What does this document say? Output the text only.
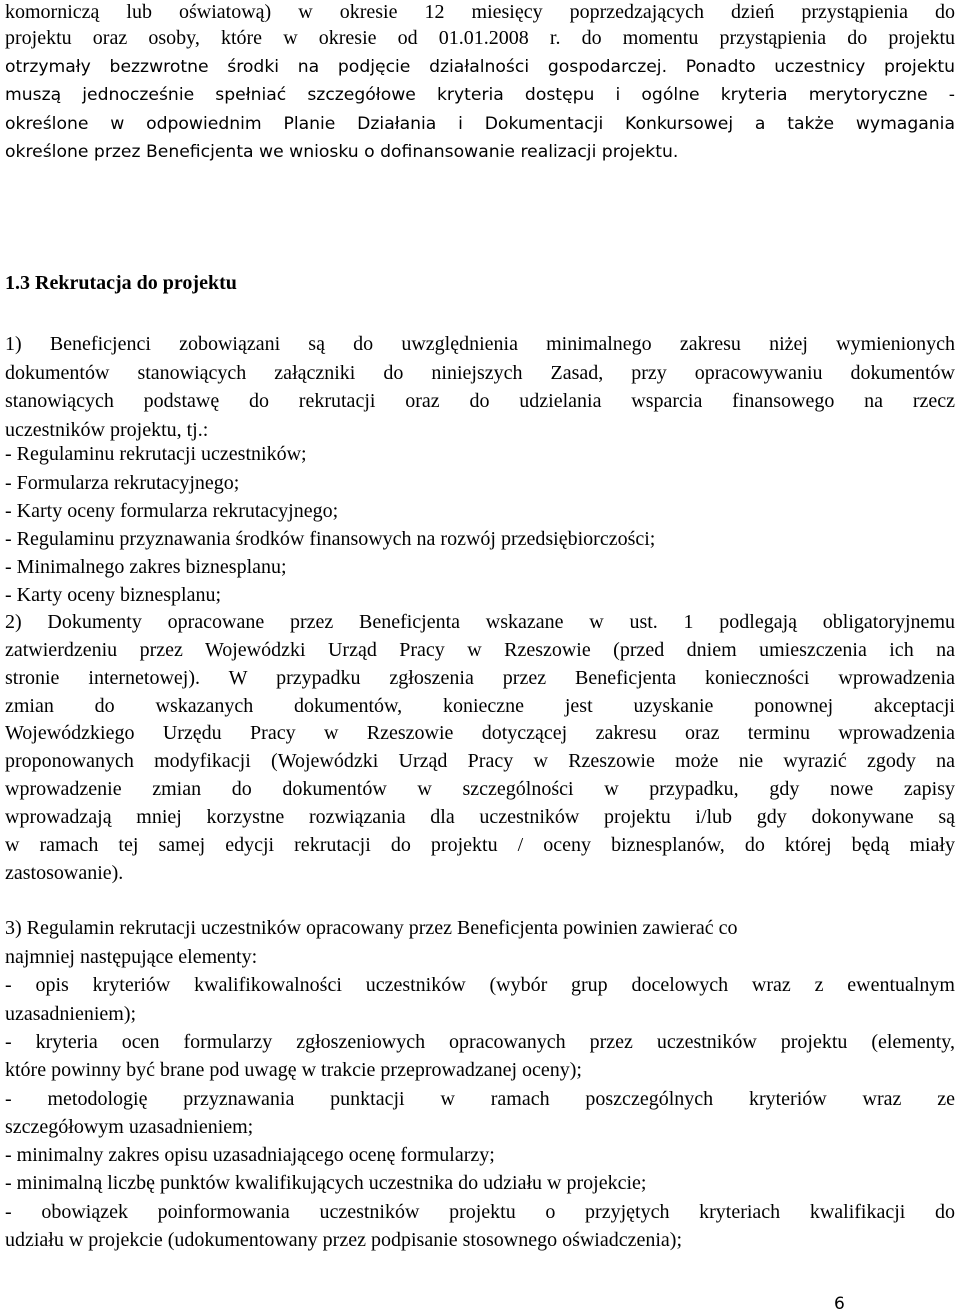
komorniczą lub oświatową) w okresie 12 miesięcy poprzedzających dzień przystąpienia do
projektu oraz osoby, które w okresie od 01.01.2008 r. do momentu przystąpienia do projektu
otrzymały bezzwrotne środki na podjęcie działalności gospodarczej. Ponadto uczestnicy projektu
muszą jednocześnie spełniać szczegółowe kryteria dostępu i ogólne kryteria merytoryczne -
określone w odpowiednim Planie Działania i Dokumentacji Konkursowej a także wymagania
określone przez Beneficjenta we wniosku o dofinansowanie realizacji projektu.
1.3 Rekrutacja do projektu
1) Beneficjenci zobowiązani są do uwzględnienia minimalnego zakresu niżej wymienionych
dokumentów stanowiących załączniki do niniejszych Zasad, przy opracowywaniu dokumentów
stanowiących podstawę do rekrutacji oraz do udzielania wsparcia finansowego na rzecz
uczestników projektu, tj.:
- Regulaminu rekrutacji uczestników;
- Formularza rekrutacyjnego;
- Karty oceny formularza rekrutacyjnego;
- Regulaminu przyznawania środków finansowych na rozwój przedsiębiorczości;
- Minimalnego zakres biznesplanu;
- Karty oceny biznesplanu;
2) Dokumenty opracowane przez Beneficjenta wskazane w ust. 1 podlegają obligatoryjnemu
zatwierdzeniu przez Wojewódzki Urząd Pracy w Rzeszowie (przed dniem umieszczenia ich na
stronie internetowej). W przypadku zgłoszenia przez Beneficjenta konieczności wprowadzenia
zmian do wskazanych dokumentów, konieczne jest uzyskanie ponownej akceptacji
Wojewódzkiego Urzędu Pracy w Rzeszowie dotyczącej zakresu oraz terminu wprowadzenia
proponowanych modyfikacji (Wojewódzki Urząd Pracy w Rzeszowie może nie wyrazić zgody na
wprowadzenie zmian do dokumentów w szczególności w przypadku, gdy nowe zapisy
wprowadzają mniej korzystne rozwiązania dla uczestników projektu i/lub gdy dokonywane są
w ramach tej samej edycji rekrutacji do projektu / oceny biznesplanów, do której będą miały
zastosowanie).
3) Regulamin rekrutacji uczestników opracowany przez Beneficjenta powinien zawierać co
najmniej następujące elementy:
- opis kryteriów kwalifikowalności uczestników (wybór grup docelowych wraz z ewentualnym
uzasadnieniem);
- kryteria ocen formularzy zgłoszeniowych opracowanych przez uczestników projektu (elementy,
które powinny być brane pod uwagę w trakcie przeprowadzanej oceny);
- metodologię przyznawania punktacji w ramach poszczególnych kryteriów wraz ze
szczegółowym uzasadnieniem;
- minimalny zakres opisu uzasadniającego ocenę formularzy;
- minimalną liczbę punktów kwalifikujących uczestnika do udziału w projekcie;
- obowiązek poinformowania uczestników projektu o przyjętych kryteriach kwalifikacji do
udziału w projekcie (udokumentowany przez podpisanie stosownego oświadczenia);
6
